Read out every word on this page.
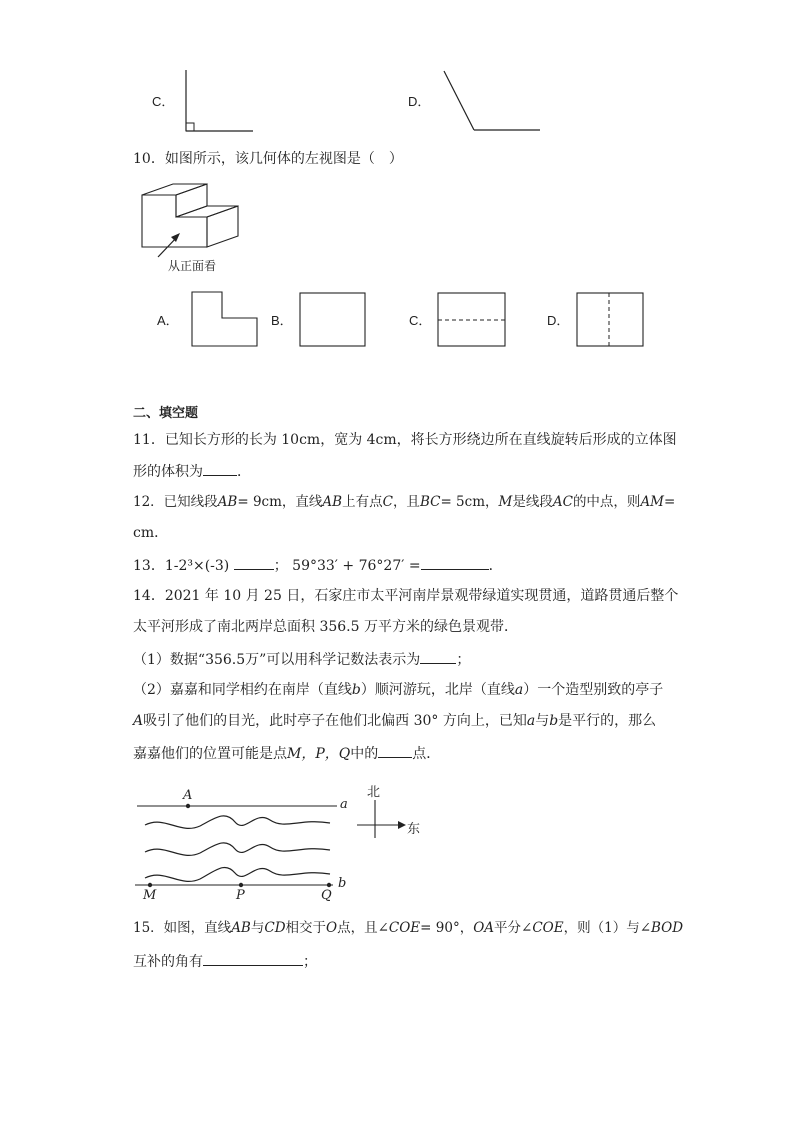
C．	D．
10．如图所示，该几何体的左视图是（　）
从正面看
A．	B．	C．	D．
二、填空题
11．已知长方形的长为 10cm，宽为 4cm，将长方形绕边所在直线旋转后形成的立体图
形的体积为 ．
12．已知线段AB= 9cm，直线AB上有点C，且BC= 5cm，M是线段AC的中点，则AM=
cm．
13．1-2³×(-3)	； 59°33′ + 76°27′ =	．
14．2021 年 10 月 25 日，石家庄市太平河南岸景观带绿道实现贯通，道路贯通后整个
太平河形成了南北两岸总面积 356.5 万平方米的绿色景观带．
（1）数据“356.5万”可以用科学记数法表示为	；
（2）嘉嘉和同学相约在南岸（直线b）顺河游玩，北岸（直线a）一个造型别致的亭子
A吸引了他们的目光，此时亭子在他们北偏西 30° 方向上，已知a与b是平行的，那么
嘉嘉他们的位置可能是点M，P，Q中的 点．
A
a
b
M	P	Q
北
东
15．如图，直线AB与CD相交于O点，且∠COE= 90°，OA平分∠COE，则（1）与∠BOD
互补的角有	；
